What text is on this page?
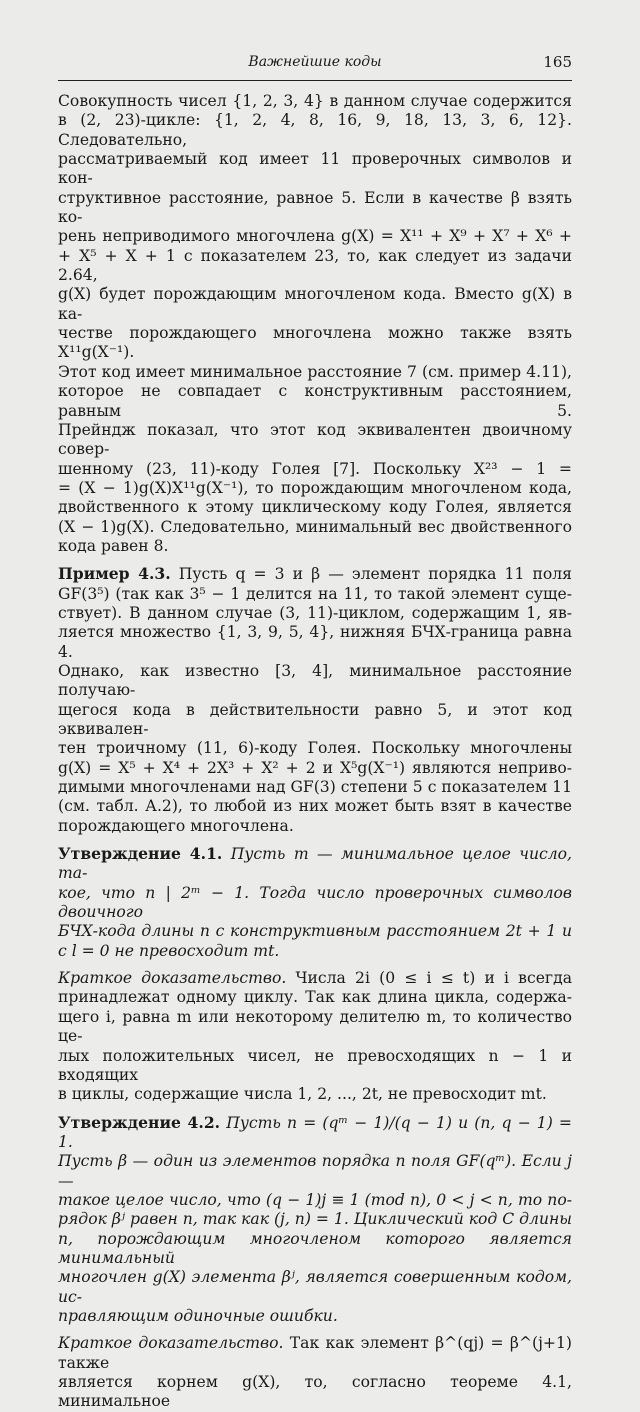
Важнейшие коды	165

Совокупность чисел {1, 2, 3, 4} в данном случае содержится

в (2, 23)-цикле: {1, 2, 4, 8, 16, 9, 18, 13, 3, 6, 12}. Следовательно,

рассматриваемый код имеет 11 проверочных символов и кон-

структивное расстояние, равное 5. Если в качестве β взять ко-

рень неприводимого многочлена g(X) = X¹¹ + X⁹ + X⁷ + X⁶ +

+ X⁵ + X + 1 с показателем 23, то, как следует из задачи 2.64,

g(X) будет порождающим многочленом кода. Вместо g(X) в ка-

честве порождающего многочлена можно также взять X¹¹g(X⁻¹).

Этот код имеет минимальное расстояние 7 (см. пример 4.11),

которое не совпадает с конструктивным расстоянием, равным 5.

Прейндж показал, что этот код эквивалентен двоичному совер-

шенному (23, 11)-коду Голея [7]. Поскольку X²³ − 1 =

= (X − 1)g(X)X¹¹g(X⁻¹), то порождающим многочленом кода,

двойственного к этому циклическому коду Голея, является

(X − 1)g(X). Следовательно, минимальный вес двойственного

кода равен 8.

Пример 4.3. Пусть q = 3 и β — элемент порядка 11 поля

GF(3⁵) (так как 3⁵ − 1 делится на 11, то такой элемент суще-

ствует). В данном случае (3, 11)-циклом, содержащим 1, яв-

ляется множество {1, 3, 9, 5, 4}, нижняя БЧХ-граница равна 4.

Однако, как известно [3, 4], минимальное расстояние получаю-

щегося кода в действительности равно 5, и этот код эквивален-

тен троичному (11, 6)-коду Голея. Поскольку многочлены

g(X) = X⁵ + X⁴ + 2X³ + X² + 2 и X⁵g(X⁻¹) являются неприво-

димыми многочленами над GF(3) степени 5 с показателем 11

(см. табл. А.2), то любой из них может быть взят в качестве

порождающего многочлена.

Утверждение 4.1. Пусть m — минимальное целое число, та-

кое, что n | 2ᵐ − 1. Тогда число проверочных символов двоичного

БЧХ-кода длины n с конструктивным расстоянием 2t + 1 и

c l = 0 не превосходит mt.

Краткое доказательство. Числа 2i (0 ≤ i ≤ t) и i всегда

принадлежат одному циклу. Так как длина цикла, содержа-

щего i, равна m или некоторому делителю m, то количество це-

лых положительных чисел, не превосходящих n − 1 и входящих

в циклы, содержащие числа 1, 2, ..., 2t, не превосходит mt.

Утверждение 4.2. Пусть n = (qᵐ − 1)/(q − 1) и (n, q − 1) = 1.

Пусть β — один из элементов порядка n поля GF(qᵐ). Если j —

такое целое число, что (q − 1)j ≡ 1 (mod n), 0 < j < n, то по-

рядок βʲ равен n, так как (j, n) = 1. Циклический код C длины

n, порождающим многочленом которого является минимальный

многочлен g(X) элемента βʲ, является совершенным кодом, ис-

правляющим одиночные ошибки.

Краткое доказательство. Так как элемент β^(qj) = β^(j+1) также

является корнем g(X), то, согласно теореме 4.1, минимальное
